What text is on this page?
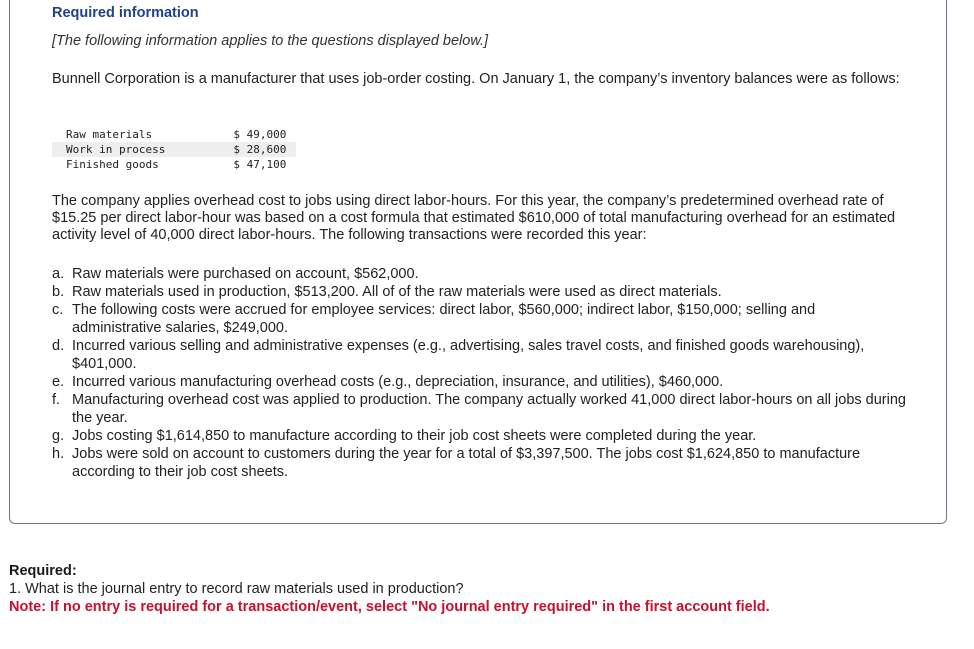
Required information
[The following information applies to the questions displayed below.]

Bunnell Corporation is a manufacturer that uses job-order costing. On January 1, the company’s inventory balances were as follows:

Raw materials	$ 49,000
Work in process	$ 28,600
Finished goods	$ 47,100

The company applies overhead cost to jobs using direct labor-hours. For this year, the company’s predetermined overhead rate of $15.25 per direct labor-hour was based on a cost formula that estimated $610,000 of total manufacturing overhead for an estimated activity level of 40,000 direct labor-hours. The following transactions were recorded this year:

a. Raw materials were purchased on account, $562,000.
b. Raw materials used in production, $513,200. All of of the raw materials were used as direct materials.
c. The following costs were accrued for employee services: direct labor, $560,000; indirect labor, $150,000; selling and administrative salaries, $249,000.
d. Incurred various selling and administrative expenses (e.g., advertising, sales travel costs, and finished goods warehousing), $401,000.
e. Incurred various manufacturing overhead costs (e.g., depreciation, insurance, and utilities), $460,000.
f. Manufacturing overhead cost was applied to production. The company actually worked 41,000 direct labor-hours on all jobs during the year.
g. Jobs costing $1,614,850 to manufacture according to their job cost sheets were completed during the year.
h. Jobs were sold on account to customers during the year for a total of $3,397,500. The jobs cost $1,624,850 to manufacture according to their job cost sheets.
Required:
1. What is the journal entry to record raw materials used in production?
Note: If no entry is required for a transaction/event, select "No journal entry required" in the first account field.
